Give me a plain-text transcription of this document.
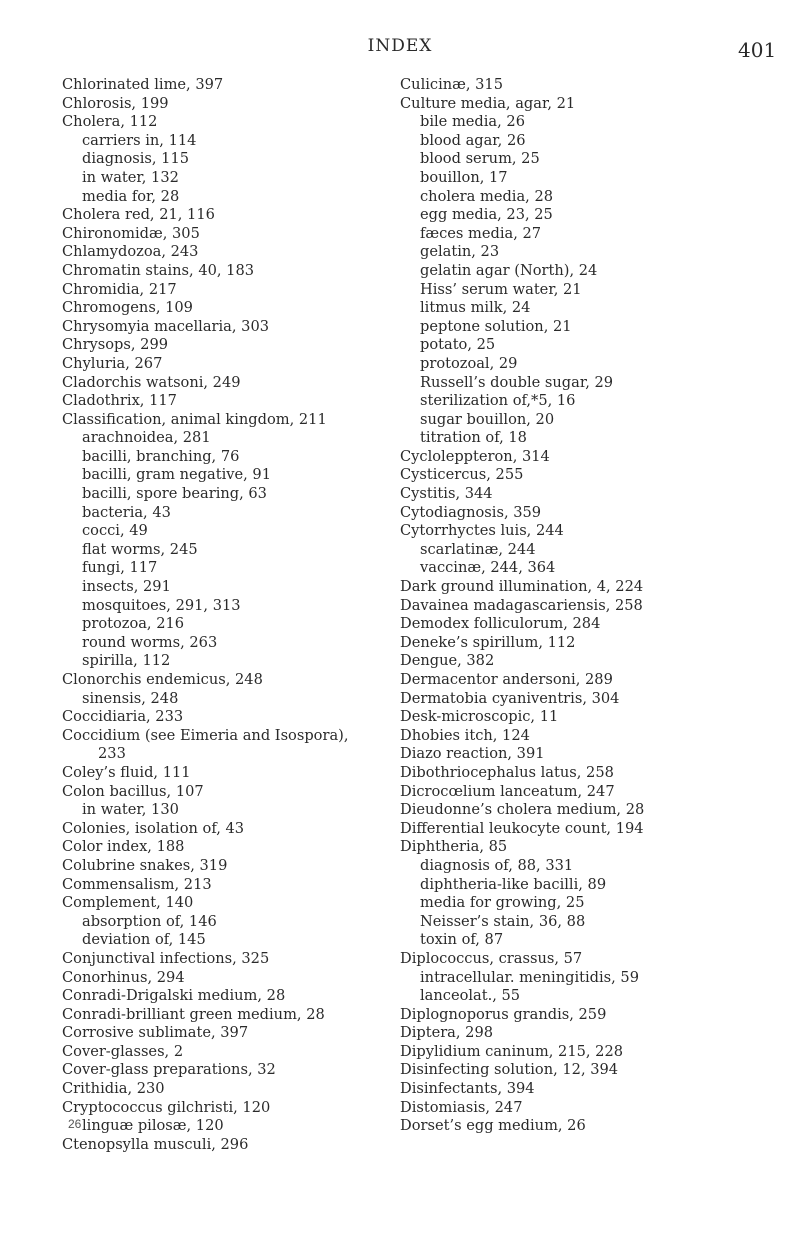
INDEX	401
Chlorinated lime, 397
Chlorosis, 199
Cholera, 112
carriers in, 114
diagnosis, 115
in water, 132
media for, 28
Cholera red, 21, 116
Chironomidæ, 305
Chlamydozoa, 243
Chromatin stains, 40, 183
Chromidia, 217
Chromogens, 109
Chrysomyia macellaria, 303
Chrysops, 299
Chyluria, 267
Cladorchis watsoni, 249
Cladothrix, 117
Classification, animal kingdom, 211
arachnoidea, 281
bacilli, branching, 76
bacilli, gram negative, 91
bacilli, spore bearing, 63
bacteria, 43
cocci, 49
flat worms, 245
fungi, 117
insects, 291
mosquitoes, 291, 313
protozoa, 216
round worms, 263
spirilla, 112
Clonorchis endemicus, 248
sinensis, 248
Coccidiaria, 233
Coccidium (see Eimeria and Isospora),
233
Coley’s fluid, 111
Colon bacillus, 107
in water, 130
Colonies, isolation of, 43
Color index, 188
Colubrine snakes, 319
Commensalism, 213
Complement, 140
absorption of, 146
deviation of, 145
Conjunctival infections, 325
Conorhinus, 294
Conradi-Drigalski medium, 28
Conradi-brilliant green medium, 28
Corrosive sublimate, 397
Cover-glasses, 2
Cover-glass preparations, 32
Crithidia, 230
Cryptococcus gilchristi, 120
linguæ pilosæ, 120
Ctenopsylla musculi, 296
Culicinæ, 315
Culture media, agar, 21
bile media, 26
blood agar, 26
blood serum, 25
bouillon, 17
cholera media, 28
egg media, 23, 25
fæces media, 27
gelatin, 23
gelatin agar (North), 24
Hiss’ serum water, 21
litmus milk, 24
peptone solution, 21
potato, 25
protozoal, 29
Russell’s double sugar, 29
sterilization of,*5, 16
sugar bouillon, 20
titration of, 18
Cycloleppteron, 314
Cysticercus, 255
Cystitis, 344
Cytodiagnosis, 359
Cytorrhyctes luis, 244
scarlatinæ, 244
vaccinæ, 244, 364
Dark ground illumination, 4, 224
Davainea madagascariensis, 258
Demodex folliculorum, 284
Deneke’s spirillum, 112
Dengue, 382
Dermacentor andersoni, 289
Dermatobia cyaniventris, 304
Desk-microscopic, 11
Dhobies itch, 124
Diazo reaction, 391
Dibothriocephalus latus, 258
Dicrocœlium lanceatum, 247
Dieudonne’s cholera medium, 28
Differential leukocyte count, 194
Diphtheria, 85
diagnosis of, 88, 331
diphtheria-like bacilli, 89
media for growing, 25
Neisser’s stain, 36, 88
toxin of, 87
Diplococcus, crassus, 57
intracellular. meningitidis, 59
lanceolat., 55
Diplognoporus grandis, 259
Diptera, 298
Dipylidium caninum, 215, 228
Disinfecting solution, 12, 394
Disinfectants, 394
Distomiasis, 247
Dorset’s egg medium, 26
26
